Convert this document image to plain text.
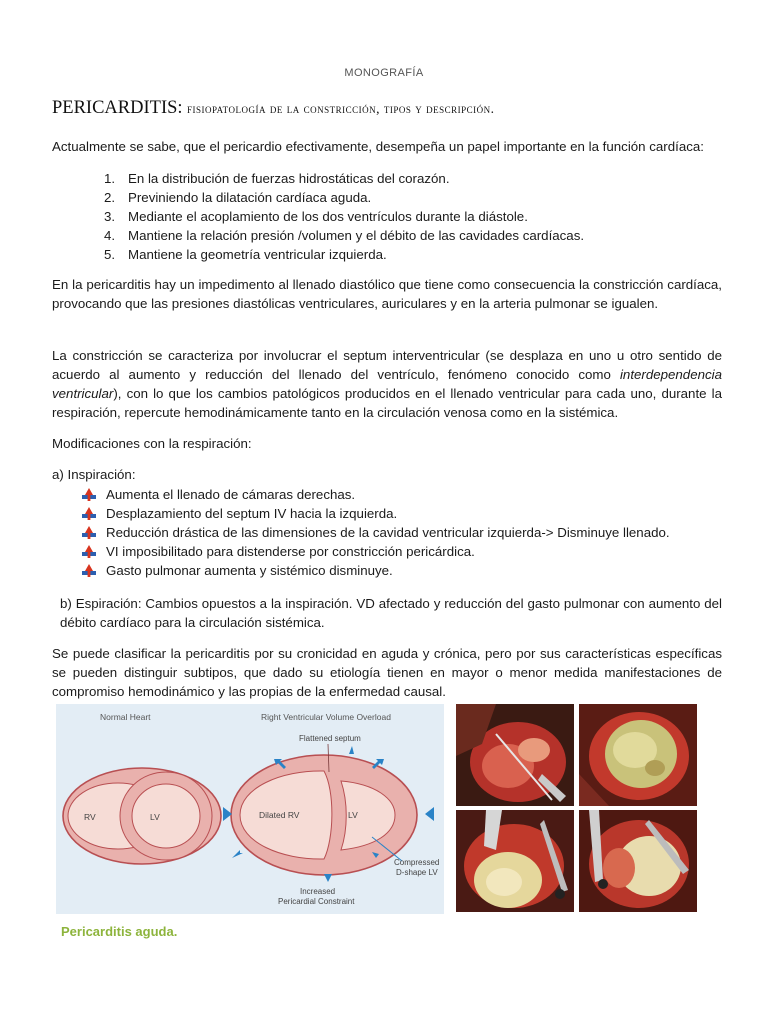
MONOGRAFÍA
PERICARDITIS: fisiopatología de la constricción, tipos y descripción.
Actualmente se sabe, que el pericardio efectivamente, desempeña un papel importante en la función cardíaca:
1. En la distribución de fuerzas hidrostáticas del corazón.
2. Previniendo la dilatación cardíaca aguda.
3. Mediante el acoplamiento de los dos ventrículos durante la diástole.
4. Mantiene la relación presión /volumen y el débito de las cavidades cardíacas.
5. Mantiene la geometría ventricular izquierda.
En la pericarditis hay un impedimento al llenado diastólico que tiene como consecuencia la constricción cardíaca, provocando que las presiones diastólicas ventriculares, auriculares y en la arteria pulmonar se igualen.
La constricción se caracteriza por involucrar el septum interventricular (se desplaza en uno u otro sentido de acuerdo al aumento y reducción del llenado del ventrículo, fenómeno conocido como interdependencia ventricular), con lo que los cambios patológicos producidos en el llenado ventricular para cada uno, durante la respiración, repercute hemodinámicamente tanto en la circulación venosa como en la sistémica.
Modificaciones con la respiración:
a) Inspiración:
Aumenta el llenado de cámaras derechas.
Desplazamiento del septum IV hacia la izquierda.
Reducción drástica de las dimensiones de la cavidad ventricular izquierda-> Disminuye llenado.
VI imposibilitado para distenderse por constricción pericárdica.
Gasto pulmonar aumenta y sistémico disminuye.
b) Espiración: Cambios opuestos a la inspiración. VD afectado y reducción del gasto pulmonar con aumento del débito cardíaco para la circulación sistémica.
Se puede clasificar la pericarditis por su cronicidad en aguda y crónica, pero por sus características específicas se pueden distinguir subtipos, que dado su etiología tienen en mayor o menor medida manifestaciones de compromiso hemodinámico y las propias de la enfermedad causal.
Normal Heart	Right Ventricular Volume Overload
RV	LV	Dilated RV	LV
Flattened septum
Compressed
D-shape LV
Increased
Pericardial Constraint
Pericarditis aguda.
